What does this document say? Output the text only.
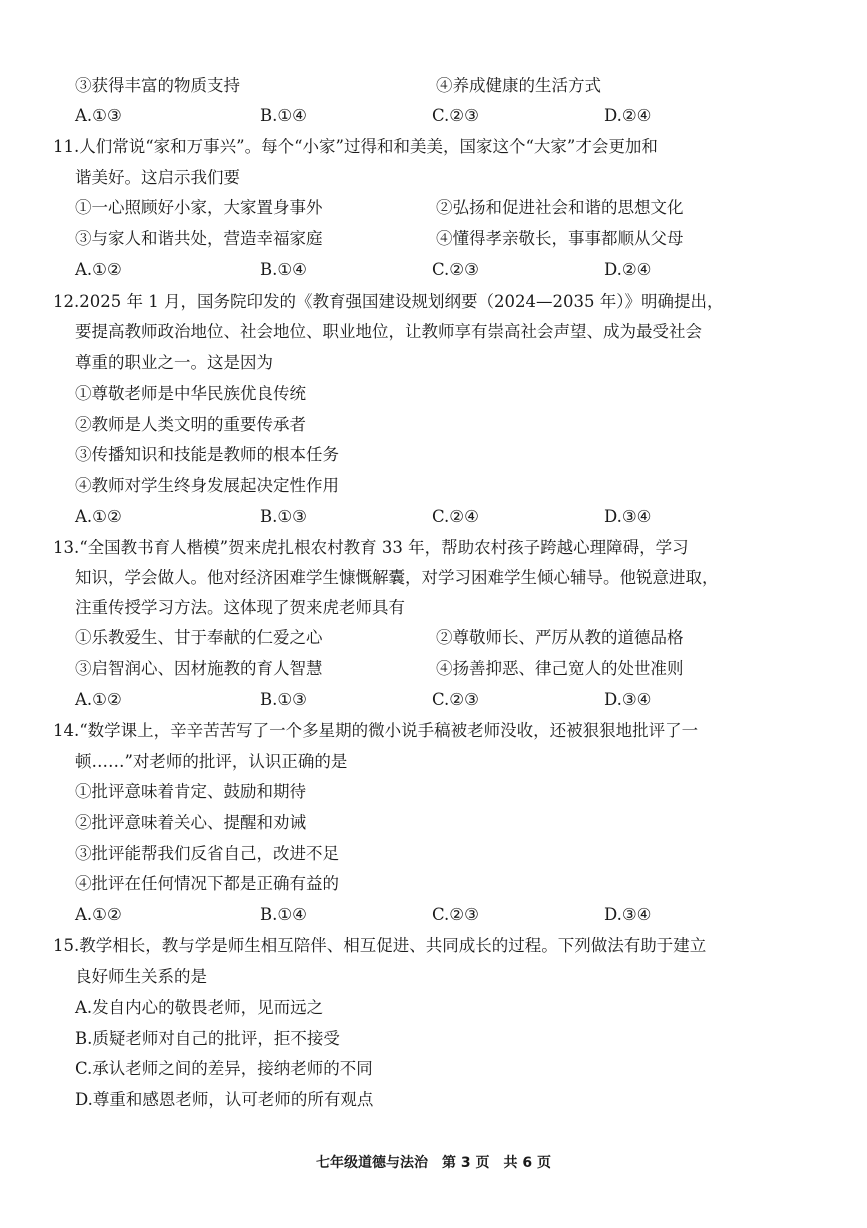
③获得丰富的物质支持	④养成健康的生活方式
A.①③	B.①④	C.②③	D.②④
11.人们常说“家和万事兴”。每个“小家”过得和和美美，国家这个“大家”才会更加和
谐美好。这启示我们要
①一心照顾好小家，大家置身事外	②弘扬和促进社会和谐的思想文化
③与家人和谐共处，营造幸福家庭	④懂得孝亲敬长，事事都顺从父母
A.①②	B.①④	C.②③	D.②④
12.2025 年 1 月，国务院印发的《教育强国建设规划纲要（2024—2035 年）》明确提出，
要提高教师政治地位、社会地位、职业地位，让教师享有崇高社会声望、成为最受社会
尊重的职业之一。这是因为
①尊敬老师是中华民族优良传统
②教师是人类文明的重要传承者
③传播知识和技能是教师的根本任务
④教师对学生终身发展起决定性作用
A.①②	B.①③	C.②④	D.③④
13.“全国教书育人楷模”贺来虎扎根农村教育 33 年，帮助农村孩子跨越心理障碍，学习
知识，学会做人。他对经济困难学生慷慨解囊，对学习困难学生倾心辅导。他锐意进取，
注重传授学习方法。这体现了贺来虎老师具有
①乐教爱生、甘于奉献的仁爱之心	②尊敬师长、严厉从教的道德品格
③启智润心、因材施教的育人智慧	④扬善抑恶、律己宽人的处世准则
A.①②	B.①③	C.②③	D.③④
14.“数学课上，辛辛苦苦写了一个多星期的微小说手稿被老师没收，还被狠狠地批评了一
顿……”对老师的批评，认识正确的是
①批评意味着肯定、鼓励和期待
②批评意味着关心、提醒和劝诫
③批评能帮我们反省自己，改进不足
④批评在任何情况下都是正确有益的
A.①②	B.①④	C.②③	D.③④
15.教学相长，教与学是师生相互陪伴、相互促进、共同成长的过程。下列做法有助于建立
良好师生关系的是
A.发自内心的敬畏老师，见而远之
B.质疑老师对自己的批评，拒不接受
C.承认老师之间的差异，接纳老师的不同
D.尊重和感恩老师，认可老师的所有观点
七年级道德与法治　第 3 页　共 6 页
